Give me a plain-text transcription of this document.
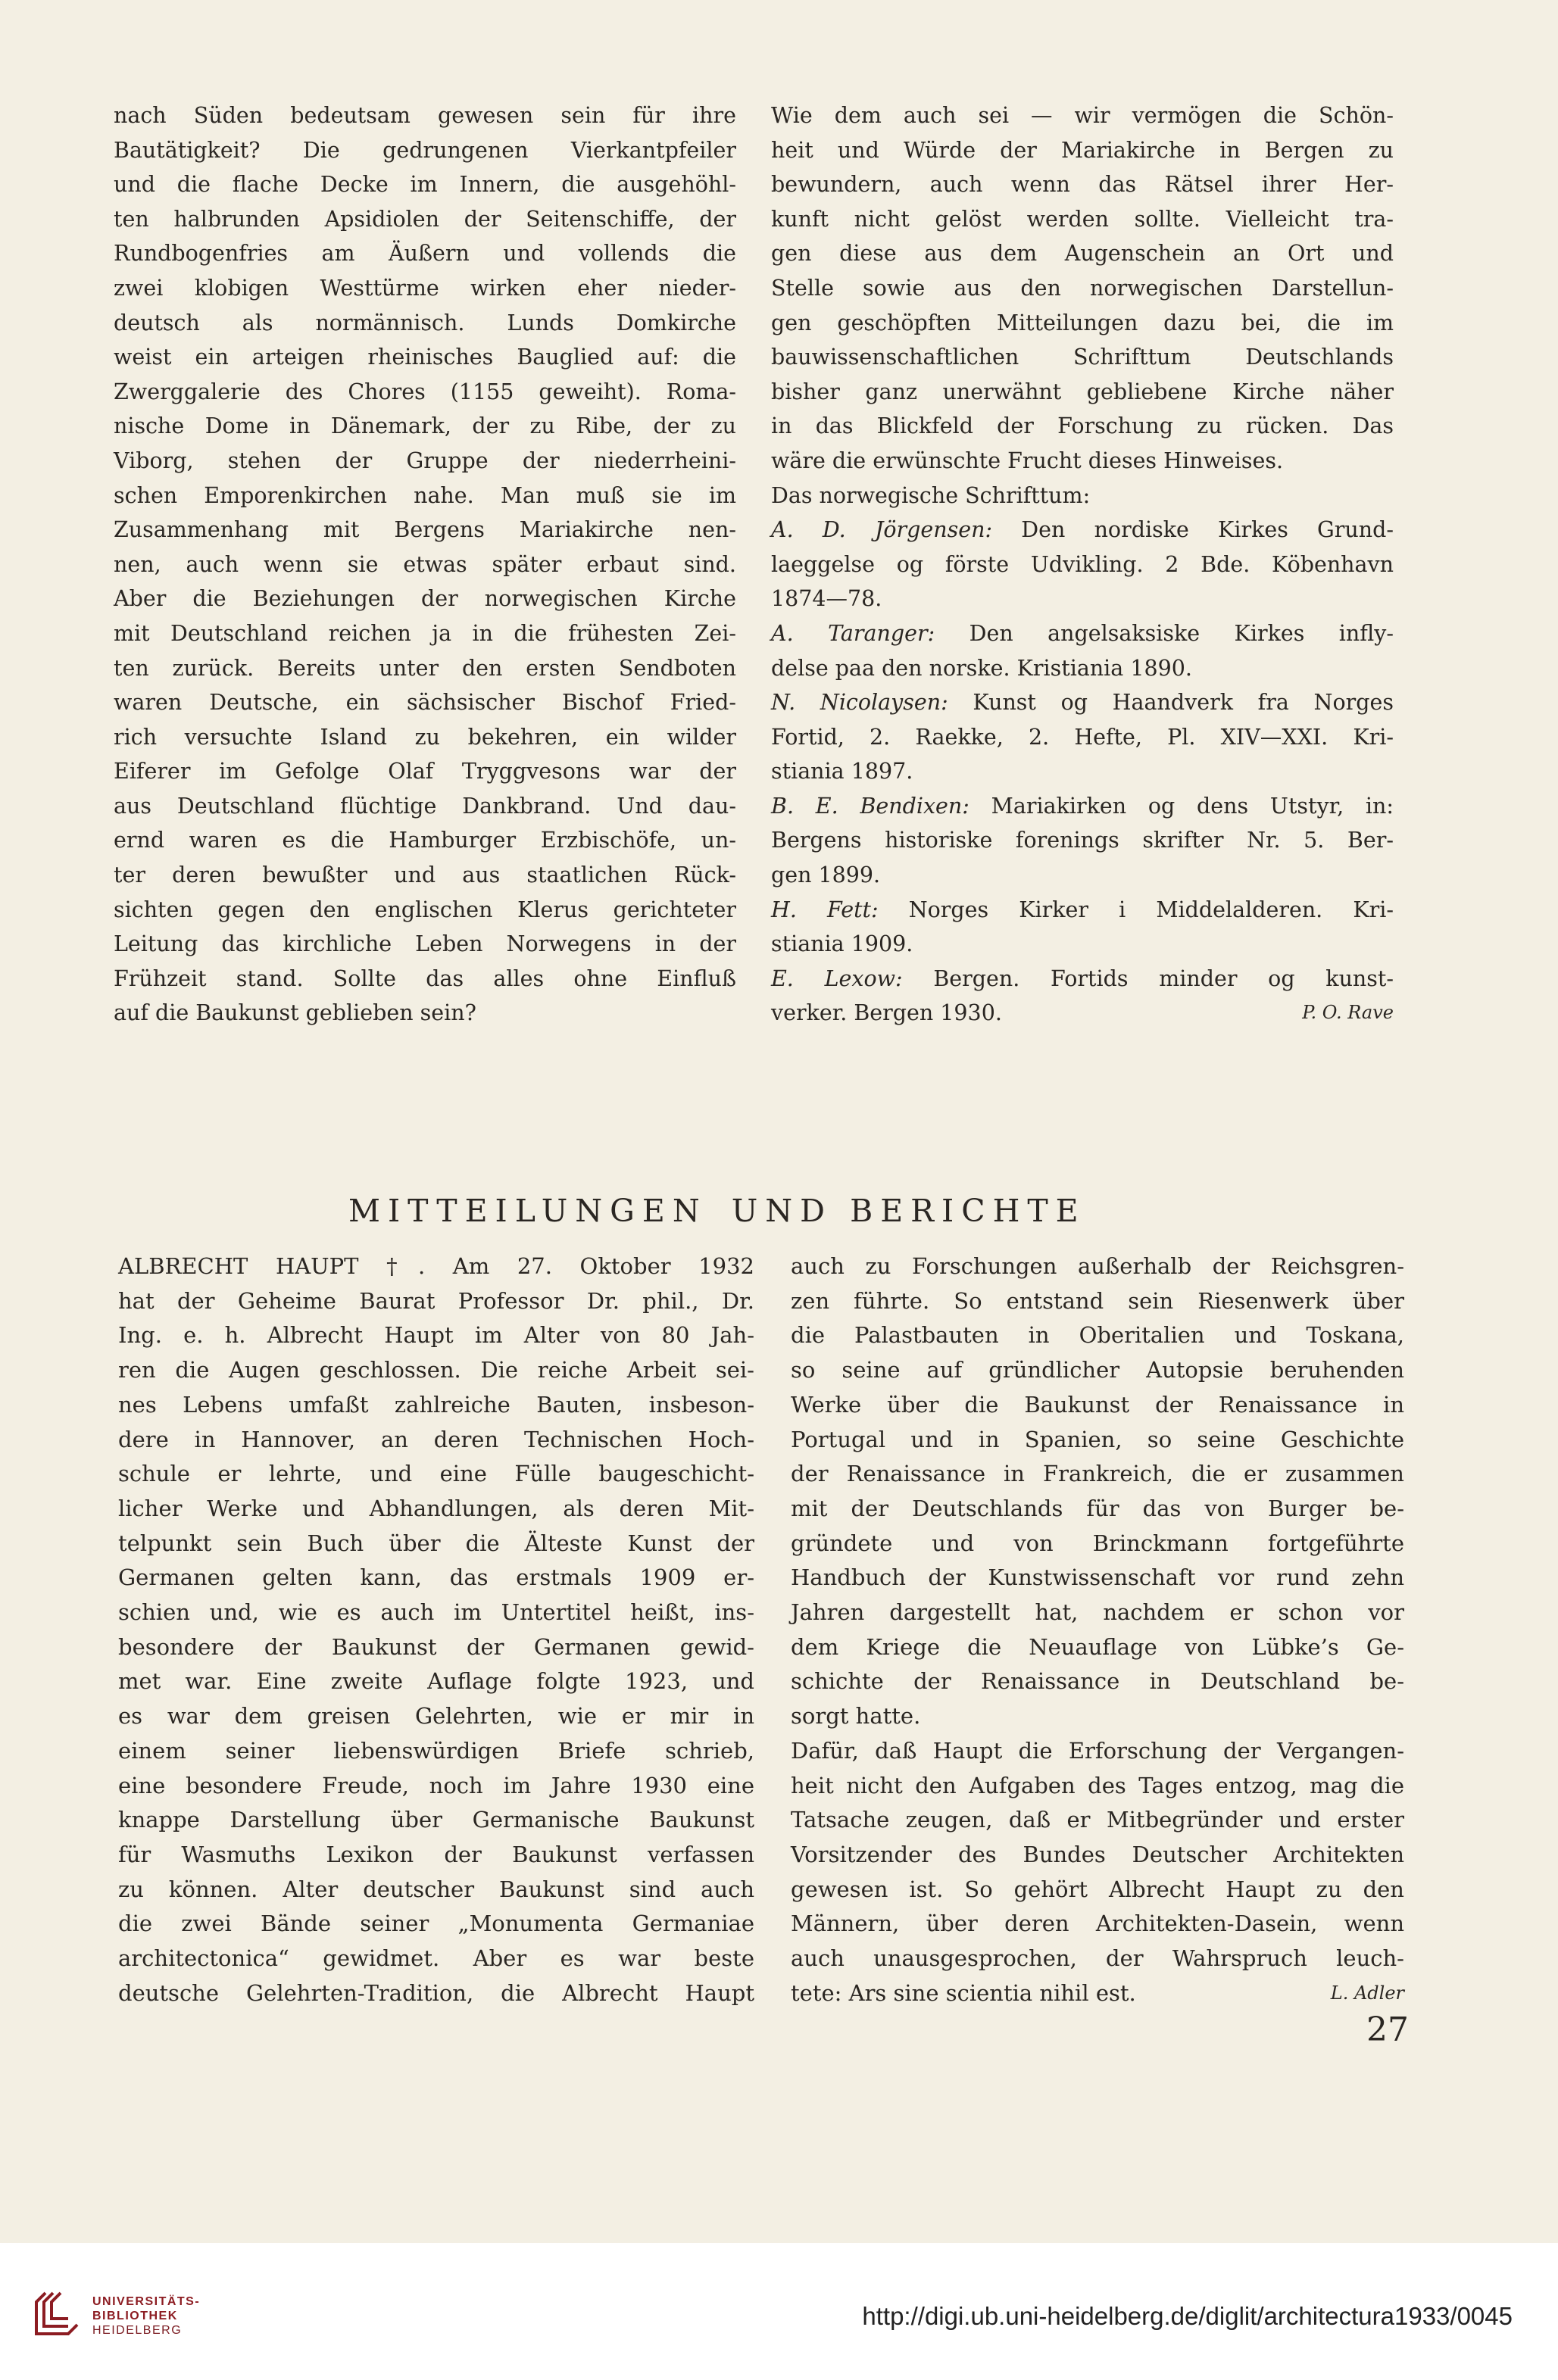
nach Süden bedeutsam gewesen sein für ihre
Bautätigkeit? Die gedrungenen Vierkantpfeiler
und die flache Decke im Innern, die ausgehöhl-
ten halbrunden Apsidiolen der Seitenschiffe, der
Rundbogenfries am Äußern und vollends die
zwei klobigen Westtürme wirken eher nieder-
deutsch als normännisch. Lunds Domkirche
weist ein arteigen rheinisches Bauglied auf: die
Zwerggalerie des Chores (1155 geweiht). Roma-
nische Dome in Dänemark, der zu Ribe, der zu
Viborg, stehen der Gruppe der niederrheini-
schen Emporenkirchen nahe. Man muß sie im
Zusammenhang mit Bergens Mariakirche nen-
nen, auch wenn sie etwas später erbaut sind.
Aber die Beziehungen der norwegischen Kirche
mit Deutschland reichen ja in die frühesten Zei-
ten zurück. Bereits unter den ersten Sendboten
waren Deutsche, ein sächsischer Bischof Fried-
rich versuchte Island zu bekehren, ein wilder
Eiferer im Gefolge Olaf Tryggvesons war der
aus Deutschland flüchtige Dankbrand. Und dau-
ernd waren es die Hamburger Erzbischöfe, un-
ter deren bewußter und aus staatlichen Rück-
sichten gegen den englischen Klerus gerichteter
Leitung das kirchliche Leben Norwegens in der
Frühzeit stand. Sollte das alles ohne Einfluß
auf die Baukunst geblieben sein?
Wie dem auch sei — wir vermögen die Schön-
heit und Würde der Mariakirche in Bergen zu
bewundern, auch wenn das Rätsel ihrer Her-
kunft nicht gelöst werden sollte. Vielleicht tra-
gen diese aus dem Augenschein an Ort und
Stelle sowie aus den norwegischen Darstellun-
gen geschöpften Mitteilungen dazu bei, die im
bauwissenschaftlichen Schrifttum Deutschlands
bisher ganz unerwähnt gebliebene Kirche näher
in das Blickfeld der Forschung zu rücken. Das
wäre die erwünschte Frucht dieses Hinweises.
Das norwegische Schrifttum:
A. D. Jörgensen: Den nordiske Kirkes Grund-
laeggelse og förste Udvikling. 2 Bde. Köbenhavn
1874—78.
A. Taranger: Den angelsaksiske Kirkes infly-
delse paa den norske. Kristiania 1890.
N. Nicolaysen: Kunst og Haandverk fra Norges
Fortid, 2. Raekke, 2. Hefte, Pl. XIV—XXI. Kri-
stiania 1897.
B. E. Bendixen: Mariakirken og dens Utstyr, in:
Bergens historiske forenings skrifter Nr. 5. Ber-
gen 1899.
H. Fett: Norges Kirker i Middelalderen. Kri-
stiania 1909.
E. Lexow: Bergen. Fortids minder og kunst-
verker. Bergen 1930.	P. O. Rave
MITTEILUNGEN UND BERICHTE
ALBRECHT HAUPT †. Am 27. Oktober 1932
hat der Geheime Baurat Professor Dr. phil., Dr.
Ing. e. h. Albrecht Haupt im Alter von 80 Jah-
ren die Augen geschlossen. Die reiche Arbeit sei-
nes Lebens umfaßt zahlreiche Bauten, insbeson-
dere in Hannover, an deren Technischen Hoch-
schule er lehrte, und eine Fülle baugeschicht-
licher Werke und Abhandlungen, als deren Mit-
telpunkt sein Buch über die Älteste Kunst der
Germanen gelten kann, das erstmals 1909 er-
schien und, wie es auch im Untertitel heißt, ins-
besondere der Baukunst der Germanen gewid-
met war. Eine zweite Auflage folgte 1923, und
es war dem greisen Gelehrten, wie er mir in
einem seiner liebenswürdigen Briefe schrieb,
eine besondere Freude, noch im Jahre 1930 eine
knappe Darstellung über Germanische Baukunst
für Wasmuths Lexikon der Baukunst verfassen
zu können. Alter deutscher Baukunst sind auch
die zwei Bände seiner „Monumenta Germaniae
architectonica“ gewidmet. Aber es war beste
deutsche Gelehrten-Tradition, die Albrecht Haupt
auch zu Forschungen außerhalb der Reichsgren-
zen führte. So entstand sein Riesenwerk über
die Palastbauten in Oberitalien und Toskana,
so seine auf gründlicher Autopsie beruhenden
Werke über die Baukunst der Renaissance in
Portugal und in Spanien, so seine Geschichte
der Renaissance in Frankreich, die er zusammen
mit der Deutschlands für das von Burger be-
gründete und von Brinckmann fortgeführte
Handbuch der Kunstwissenschaft vor rund zehn
Jahren dargestellt hat, nachdem er schon vor
dem Kriege die Neuauflage von Lübke’s Ge-
schichte der Renaissance in Deutschland be-
sorgt hatte.
Dafür, daß Haupt die Erforschung der Vergangen-
heit nicht den Aufgaben des Tages entzog, mag die
Tatsache zeugen, daß er Mitbegründer und erster
Vorsitzender des Bundes Deutscher Architekten
gewesen ist. So gehört Albrecht Haupt zu den
Männern, über deren Architekten-Dasein, wenn
auch unausgesprochen, der Wahrspruch leuch-
tete: Ars sine scientia nihil est.	L. Adler
27
UNIVERSITÄTS-
BIBLIOTHEK
HEIDELBERG
http://digi.ub.uni-heidelberg.de/diglit/architectura1933/0045
